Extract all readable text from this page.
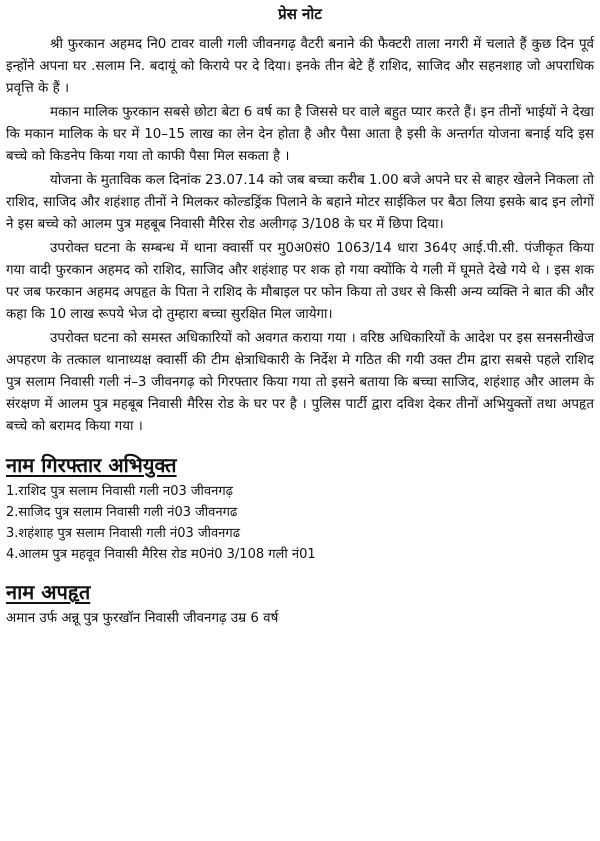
प्रेस नोट

श्री फुरकान अहमद नि0 टावर वाली गली जीवनगढ़ वैटरी बनाने की फैक्टरी ताला नगरी में चलाते हैं कुछ दिन पूर्व इन्होंने अपना घर .सलाम नि. बदायूं को किराये पर दे दिया। इनके तीन बेटे हैं राशिद, साजिद और सहनशाह जो अपराधिक प्रवृत्ति के हैं ।

मकान मालिक फुरकान सबसे छोटा बेटा 6 वर्ष का है जिससे घर वाले बहुत प्यार करते हैं। इन तीनों भाईयों ने देखा कि मकान मालिक के घर में 10–15 लाख का लेन देन होता है और पैसा आता है इसी के अन्तर्गत योजना बनाई यदि इस बच्चे को किडनेप किया गया तो काफी पैसा मिल सकता है ।

योजना के मुताविक कल दिनांक 23.07.14 को जब बच्चा करीब 1.00 बजे अपने घर से बाहर खेलने निकला तो राशिद, साजिद और शहंशाह तीनों ने मिलकर कोल्डड्रिंक पिलाने के बहाने मोटर साईकिल पर बैठा लिया इसके बाद इन लोगों ने इस बच्चे को आलम पुत्र महबूब निवासी मैरिस रोड अलीगढ़ 3/108 के घर में छिपा दिया।

उपरोक्त घटना के सम्बन्ध में थाना क्वार्सी पर मु0अ0सं0 1063/14 धारा 364ए आई.पी.सी. पंजीकृत किया गया वादी फुरकान अहमद को राशिद, साजिद और शहंशाह पर शक हो गया क्योंकि ये गली में घूमते देखे गये थे । इस शक पर जब फरकान अहमद अपहृत के पिता ने राशिद के मौबाइल पर फोन किया तो उधर से किसी अन्य व्यक्ति ने बात की और कहा कि 10 लाख रूपये भेज दो तुम्हारा बच्चा सुरक्षित मिल जायेगा।

उपरोक्त घटना को समस्त अधिकारियों को अवगत कराया गया । वरिष्ठ अधिकारियों के आदेश पर इस सनसनीखेज अपहरण के तत्काल थानाध्यक्ष क्वार्सी की टीम क्षेत्राधिकारी के निर्देश मे गठित की गयी उक्त टीम द्वारा सबसे पहले राशिद पुत्र सलाम निवासी गली नं–3 जीवनगढ़ को गिरफ्तार किया गया तो इसने बताया कि बच्चा साजिद, शहंशाह और आलम के संरक्षण में आलम पुत्र महबूब निवासी मैरिस रोड के घर पर है । पुलिस पार्टी द्वारा दविश देकर तीनों अभियुक्तों तथा अपहृत बच्चे को बरामद किया गया ।

नाम गिरफ्तार अभियुक्त
1.राशिद पुत्र सलाम निवासी गली न03 जीवनगढ़
2.साजिद पुत्र सलाम निवासी गली नं03 जीवनगढ
3.शहंशाह पुत्र सलाम निवासी गली नं03 जीवनगढ
4.आलम पुत्र महवूव निवासी मैरिस रोड म0नं0 3/108 गली नं01
नाम अपहृत

अमान उर्फ अन्नू पुत्र फुरखॉन निवासी जीवनगढ़ उम्र 6 वर्ष
